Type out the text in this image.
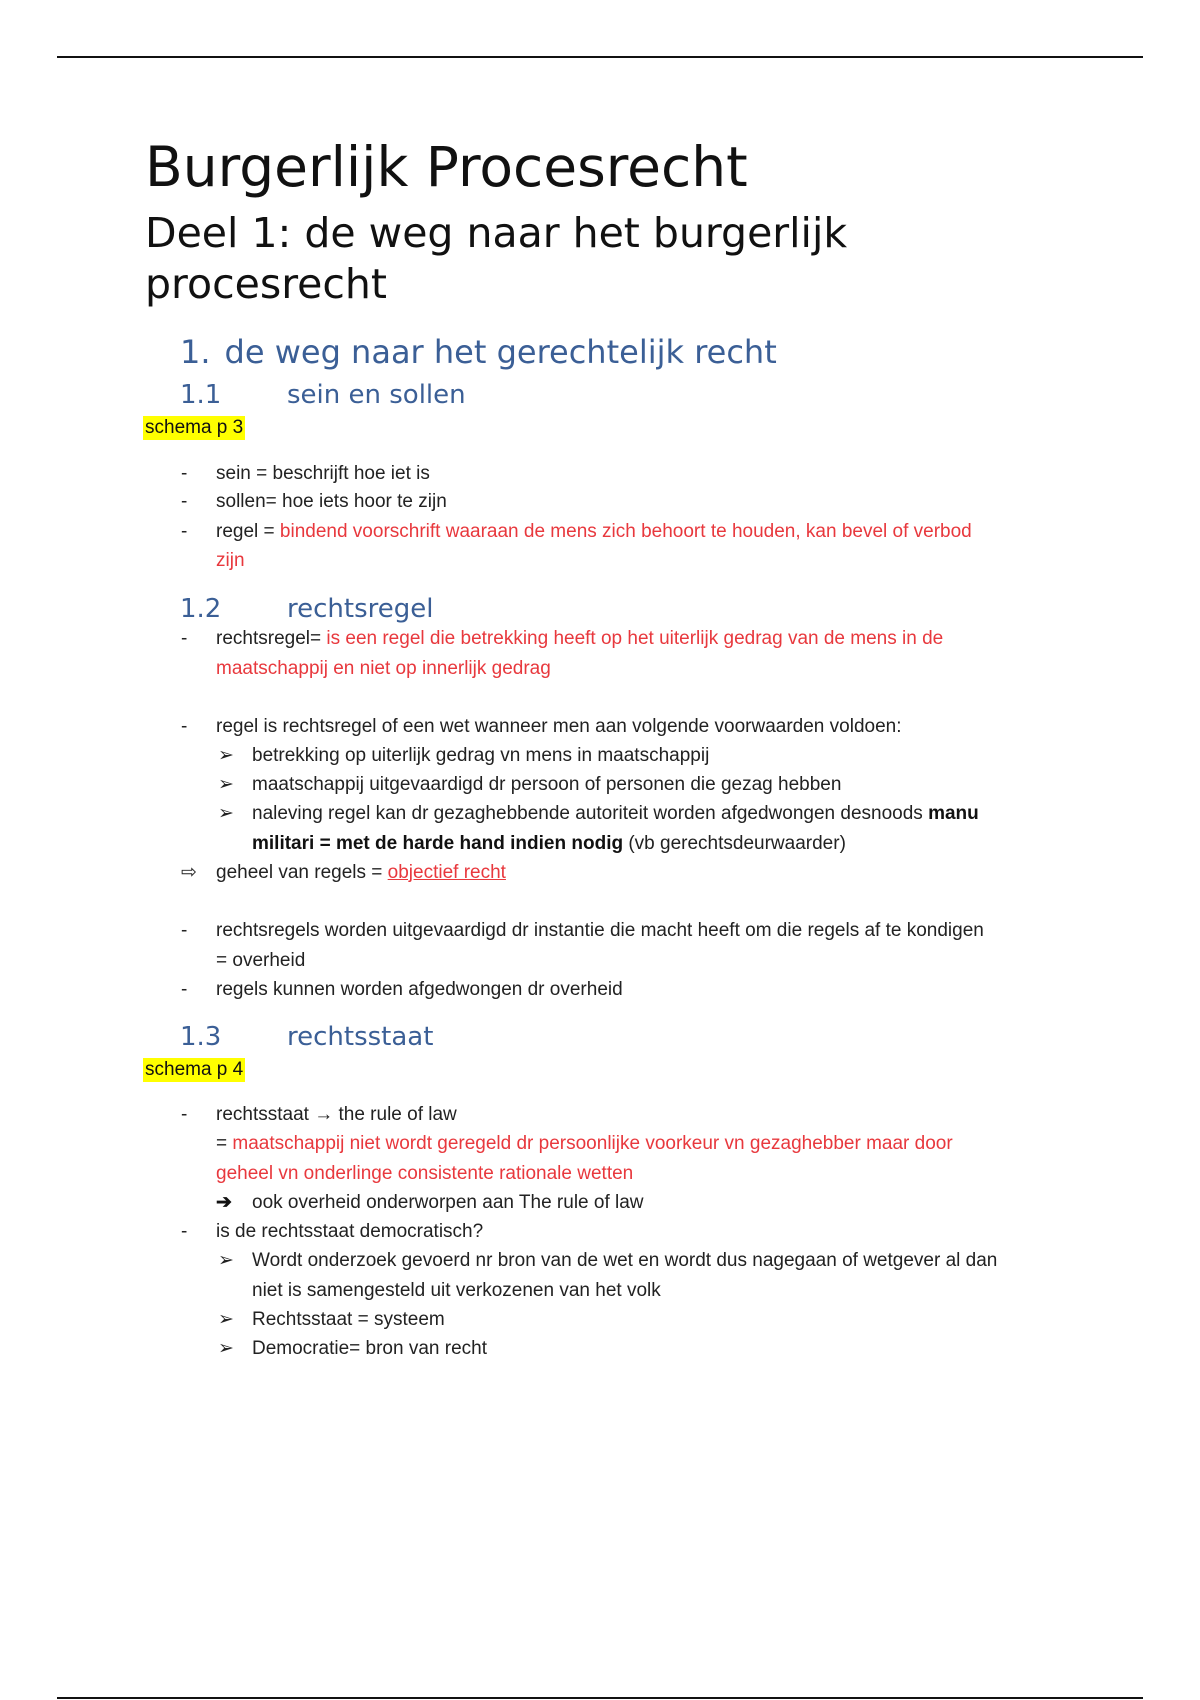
Burgerlijk Procesrecht
Deel 1: de weg naar het burgerlijk procesrecht
1. de weg naar het gerechtelijk recht
1.1	sein en sollen
schema p 3
- sein = beschrijft hoe iet is
- sollen= hoe iets hoor te zijn
- regel = bindend voorschrift waaraan de mens zich behoort te houden, kan bevel of verbod
zijn
1.2	rechtsregel
- rechtsregel= is een regel die betrekking heeft op het uiterlijk gedrag van de mens in de
maatschappij en niet op innerlijk gedrag
- regel is rechtsregel of een wet wanneer men aan volgende voorwaarden voldoen:
➢ betrekking op uiterlijk gedrag vn mens in maatschappij
➢ maatschappij uitgevaardigd dr persoon of personen die gezag hebben
➢ naleving regel kan dr gezaghebbende autoriteit worden afgedwongen desnoods manu
militari = met de harde hand indien nodig (vb gerechtsdeurwaarder)
⇨ geheel van regels = objectief recht
- rechtsregels worden uitgevaardigd dr instantie die macht heeft om die regels af te kondigen
= overheid
- regels kunnen worden afgedwongen dr overheid
1.3	rechtsstaat
schema p 4
- rechtsstaat → the rule of law
= maatschappij niet wordt geregeld dr persoonlijke voorkeur vn gezaghebber maar door
geheel vn onderlinge consistente rationale wetten
➔ ook overheid onderworpen aan The rule of law
- is de rechtsstaat democratisch?
➢ Wordt onderzoek gevoerd nr bron van de wet en wordt dus nagegaan of wetgever al dan
niet is samengesteld uit verkozenen van het volk
➢ Rechtsstaat = systeem
➢ Democratie= bron van recht
